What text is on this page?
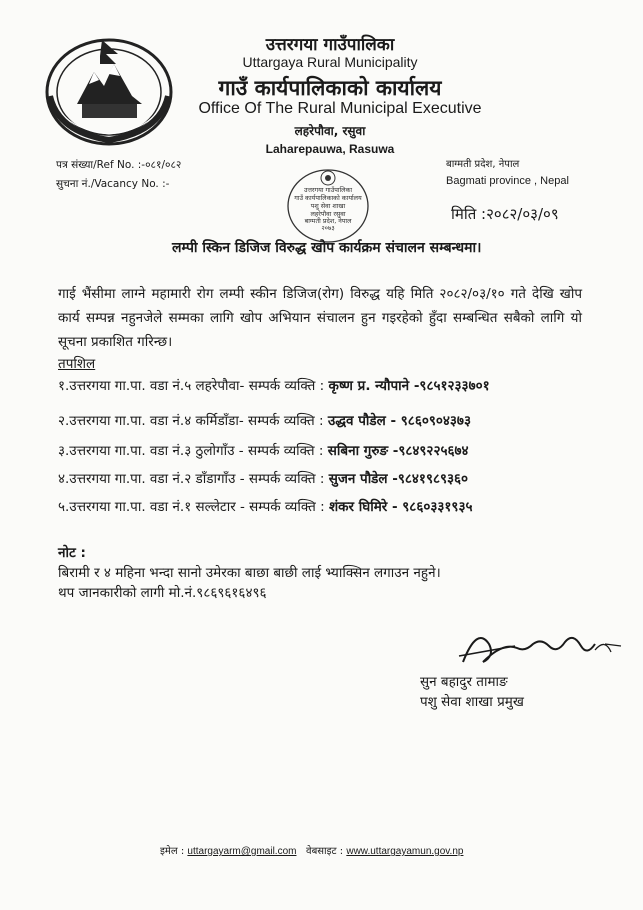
उत्तरगया गाउँपालिका
Uttargaya Rural Municipality
गाउँ कार्यपालिकाको कार्यालय
Office Of The Rural Municipal Executive
लहरेपौवा, रसुवा
Laharepauwa, Rasuwa
पत्र संख्या/Ref No. :-०८१/०८२
सुचना नं./Vacancy No. :-
बाग्मती प्रदेश, नेपाल
Bagmati province , Nepal
मिति :२०८२/०३/०९
उत्तरगया गाउँपालिका
गाउँ कार्यपालिकाको कार्यालय
पशु सेवा शाखा
लहरेपौवा रसुवा
बाग्मती प्रदेश, नेपाल
२०७३
लम्पी स्किन डिजिज विरुद्ध खोप कार्यक्रम संचालन सम्बन्धमा।
गाई भैंसीमा लाग्ने महामारी रोग लम्पी स्कीन डिजिज(रोग) विरुद्ध यहि मिति २०८२/०३/१० गते देखि खोप कार्य सम्पन्न नहुनजेले सम्मका लागि खोप अभियान संचालन हुन गइरहेको हुँदा सम्बन्धित सबैको लागि यो सूचना प्रकाशित गरिन्छ।
तपशिल
१.उत्तरगया गा.पा. वडा नं.५ लहरेपौवा- सम्पर्क व्यक्ति : कृष्ण प्र. न्यौपाने -९८५१२३३७०१
२.उत्तरगया गा.पा. वडा नं.४ कर्मिडाँडा- सम्पर्क व्यक्ति : उद्धव पौडेल - ९८६०९०४३७३
३.उत्तरगया गा.पा. वडा नं.३ ठुलोगाँउ - सम्पर्क व्यक्ति : सबिना गुरुङ -९८४९२२५६७४
४.उत्तरगया गा.पा. वडा नं.२ डाँडागाँउ - सम्पर्क व्यक्ति : सुजन पौडेल -९८४१९८९३६०
५.उत्तरगया गा.पा. वडा नं.१ सल्लेटार - सम्पर्क व्यक्ति : शंकर घिमिरे - ९८६०३३१९३५
नोट :
बिरामी र ४ महिना भन्दा सानो उमेरका बाछा बाछी लाई भ्याक्सिन लगाउन नहुने।
थप जानकारीको लागी मो.नं.९८६९६१६४९६
सुन बहादुर तामाङ
पशु सेवा शाखा प्रमुख
इमेल : uttargayarm@gmail.com वेबसाइट : www.uttargayamun.gov.np
